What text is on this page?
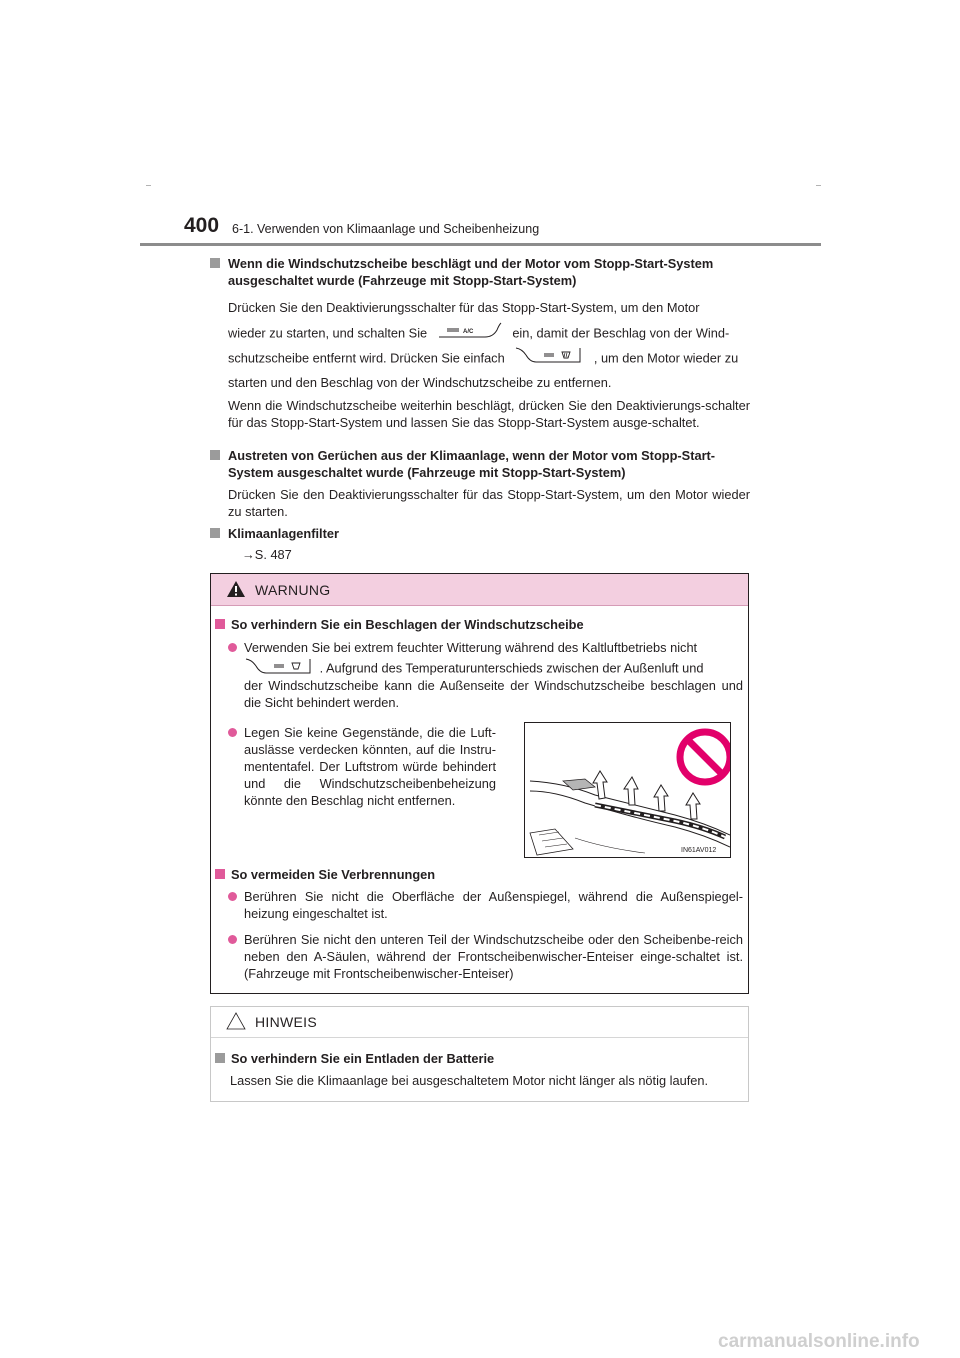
400 6-1. Verwenden von Klimaanlage und Scheibenheizung
Wenn die Windschutzscheibe beschlägt und der Motor vom Stopp-Start-System
ausgeschaltet wurde (Fahrzeuge mit Stopp-Start-System)
Drücken Sie den Deaktivierungsschalter für das Stopp-Start-System, um den Motor
wieder zu starten, und schalten Sie	A/C	ein, damit der Beschlag von der Wind-
schutzscheibe entfernt wird. Drücken Sie einfach	, um den Motor wieder zu
starten und den Beschlag von der Windschutzscheibe zu entfernen.
Wenn die Windschutzscheibe weiterhin beschlägt, drücken Sie den Deaktivierungs-schalter für das Stopp-Start-System und lassen Sie das Stopp-Start-System ausge-schaltet.
Austreten von Gerüchen aus der Klimaanlage, wenn der Motor vom Stopp-Start-
System ausgeschaltet wurde (Fahrzeuge mit Stopp-Start-System)
Drücken Sie den Deaktivierungsschalter für das Stopp-Start-System, um den Motor wieder zu starten.
Klimaanlagenfilter
→S. 487
WARNUNG
So verhindern Sie ein Beschlagen der Windschutzscheibe
Verwenden Sie bei extrem feuchter Witterung während des Kaltluftbetriebs nicht
. Aufgrund des Temperaturunterschieds zwischen der Außenluft und
der Windschutzscheibe kann die Außenseite der Windschutzscheibe beschlagen und die Sicht behindert werden.
Legen Sie keine Gegenstände, die die Luft-auslässe verdecken könnten, auf die Instru-mententafel. Der Luftstrom würde behindert und die Windschutzscheibenbeheizung könnte den Beschlag nicht entfernen.
So vermeiden Sie Verbrennungen
Berühren Sie nicht die Oberfläche der Außenspiegel, während die Außenspiegel-heizung eingeschaltet ist.
Berühren Sie nicht den unteren Teil der Windschutzscheibe oder den Scheibenbe-reich neben den A-Säulen, während der Frontscheibenwischer-Enteiser einge-schaltet ist. (Fahrzeuge mit Frontscheibenwischer-Enteiser)
IN61AV012
HINWEIS
So verhindern Sie ein Entladen der Batterie
Lassen Sie die Klimaanlage bei ausgeschaltetem Motor nicht länger als nötig laufen.
carmanualsonline.info
